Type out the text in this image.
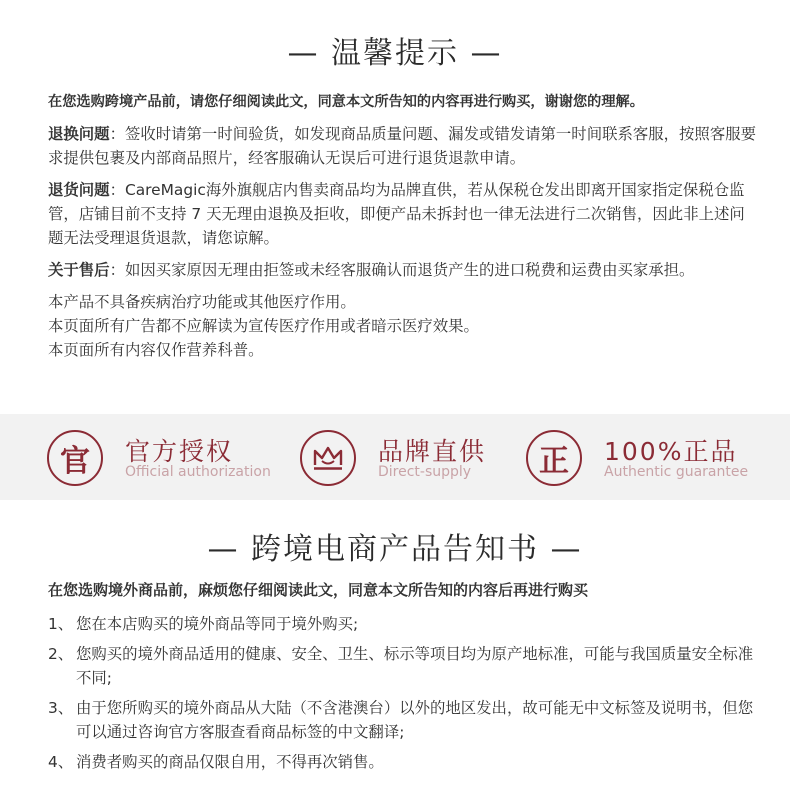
— 温馨提示 —

在您选购跨境产品前，请您仔细阅读此文，同意本文所告知的内容再进行购买，谢谢您的理解。

退换问题：签收时请第一时间验货，如发现商品质量问题、漏发或错发请第一时间联系客服，按照客服要求提供包裹及内部商品照片，经客服确认无误后可进行退货退款申请。

退货问题：CareMagic海外旗舰店内售卖商品均为品牌直供，若从保税仓发出即离开国家指定保税仓监管，店铺目前不支持 7 天无理由退换及拒收，即便产品未拆封也一律无法进行二次销售，因此非上述问题无法受理退货退款，请您谅解。

关于售后：如因买家原因无理由拒签或未经客服确认而退货产生的进口税费和运费由买家承担。

本产品不具备疾病治疗功能或其他医疗作用。

本页面所有广告都不应解读为宣传医疗作用或者暗示医疗效果。

本页面所有内容仅作营养科普。

官 官方授权
Official authorization
品牌直供
Direct-supply 正 100%正品
Authentic guarantee
— 跨境电商产品告知书 —

在您选购境外商品前，麻烦您仔细阅读此文，同意本文所告知的内容后再进行购买

1、 您在本店购买的境外商品等同于境外购买;
2、 您购买的境外商品适用的健康、安全、卫生、标示等项目均为原产地标准，可能与我国质量安全标准不同;
3、 由于您所购买的境外商品从大陆（不含港澳台）以外的地区发出，故可能无中文标签及说明书，但您可以通过咨询官方客服查看商品标签的中文翻译;
4、 消费者购买的商品仅限自用，不得再次销售。
